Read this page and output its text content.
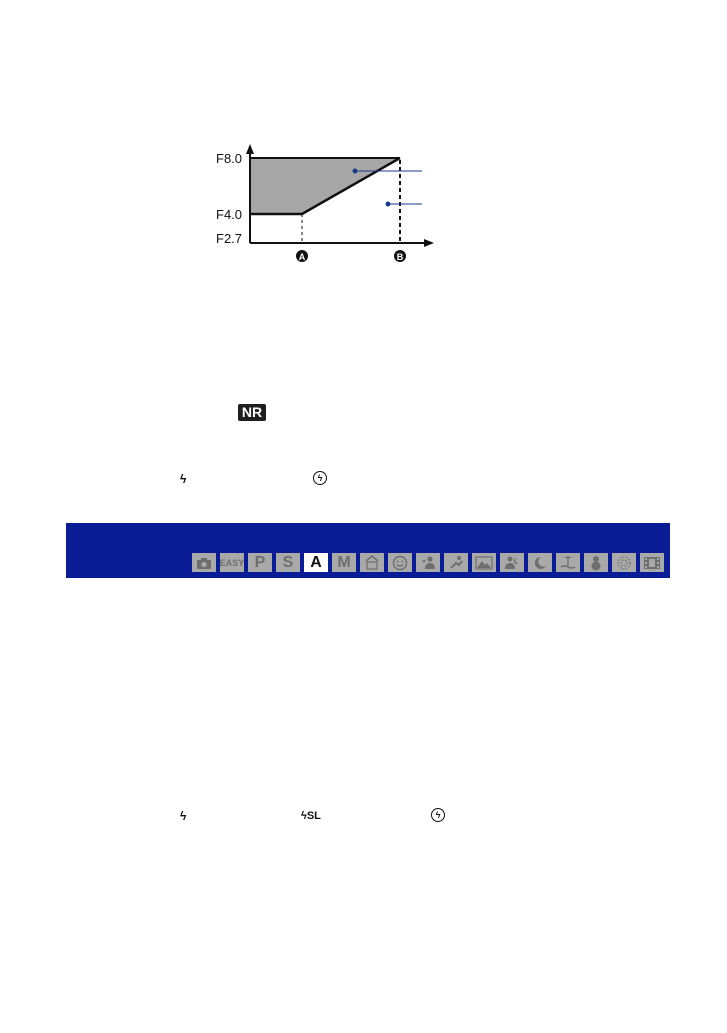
A	B
F8.0
F4.0
F2.7
NR
ϟ	ϟ
EASY P	S	A M
ϟ	ϟSL	ϟ
